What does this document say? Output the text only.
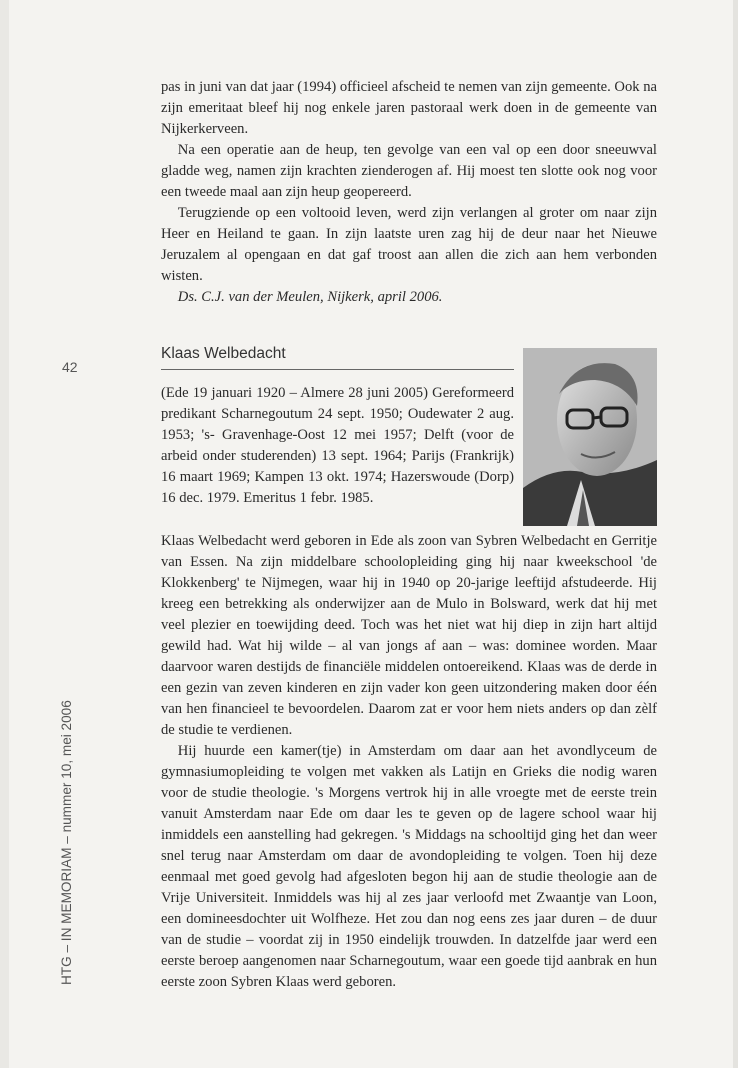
42
HTG – IN MEMORIAM – nummer 10, mei 2006

pas in juni van dat jaar (1994) officieel afscheid te nemen van zijn gemeente. Ook na zijn emeritaat bleef hij nog enkele jaren pastoraal werk doen in de gemeente van Nijkerkerveen.

Na een operatie aan de heup, ten gevolge van een val op een door sneeuwval gladde weg, namen zijn krachten zienderogen af. Hij moest ten slotte ook nog voor een tweede maal aan zijn heup geopereerd.

Terugziende op een voltooid leven, werd zijn verlangen al groter om naar zijn Heer en Heiland te gaan. In zijn laatste uren zag hij de deur naar het Nieuwe Jeruzalem al opengaan en dat gaf troost aan allen die zich aan hem verbonden wisten.

Ds. C.J. van der Meulen, Nijkerk, april 2006.

Klaas Welbedacht
(Ede 19 januari 1920 – Almere 28 juni 2005) Gereformeerd predikant Scharnegoutum 24 sept. 1950; Oudewater 2 aug. 1953; 's- Gravenhage-Oost 12 mei 1957; Delft (voor de arbeid onder studerenden) 13 sept. 1964; Parijs (Frankrijk) 16 maart 1969; Kampen 13 okt. 1974; Hazerswoude (Dorp) 16 dec. 1979. Emeritus 1 febr. 1985.

Klaas Welbedacht werd geboren in Ede als zoon van Sybren Welbedacht en Gerritje van Essen. Na zijn middelbare schoolopleiding ging hij naar kweekschool 'de Klokkenberg' te Nijmegen, waar hij in 1940 op 20-jarige leeftijd afstudeerde. Hij kreeg een betrekking als onderwijzer aan de Mulo in Bolsward, werk dat hij met veel plezier en toewijding deed. Toch was het niet wat hij diep in zijn hart altijd gewild had. Wat hij wilde – al van jongs af aan – was: dominee worden. Maar daarvoor waren destijds de financiële middelen ontoereikend. Klaas was de derde in een gezin van zeven kinderen en zijn vader kon geen uitzondering maken door één van hen financieel te bevoordelen. Daarom zat er voor hem niets anders op dan zèlf de studie te verdienen.

Hij huurde een kamer(tje) in Amsterdam om daar aan het avondlyceum de gymnasiumopleiding te volgen met vakken als Latijn en Grieks die nodig waren voor de studie theologie. 's Morgens vertrok hij in alle vroegte met de eerste trein vanuit Amsterdam naar Ede om daar les te geven op de lagere school waar hij inmiddels een aanstelling had gekregen. 's Middags na schooltijd ging het dan weer snel terug naar Amsterdam om daar de avondopleiding te volgen. Toen hij deze eenmaal met goed gevolg had afgesloten begon hij aan de studie theologie aan de Vrije Universiteit. Inmiddels was hij al zes jaar verloofd met Zwaantje van Loon, een domineesdochter uit Wolfheze. Het zou dan nog eens zes jaar duren – de duur van de studie – voordat zij in 1950 eindelijk trouwden. In datzelfde jaar werd een eerste beroep aangenomen naar Scharnegoutum, waar een goede tijd aanbrak en hun eerste zoon Sybren Klaas werd geboren.
